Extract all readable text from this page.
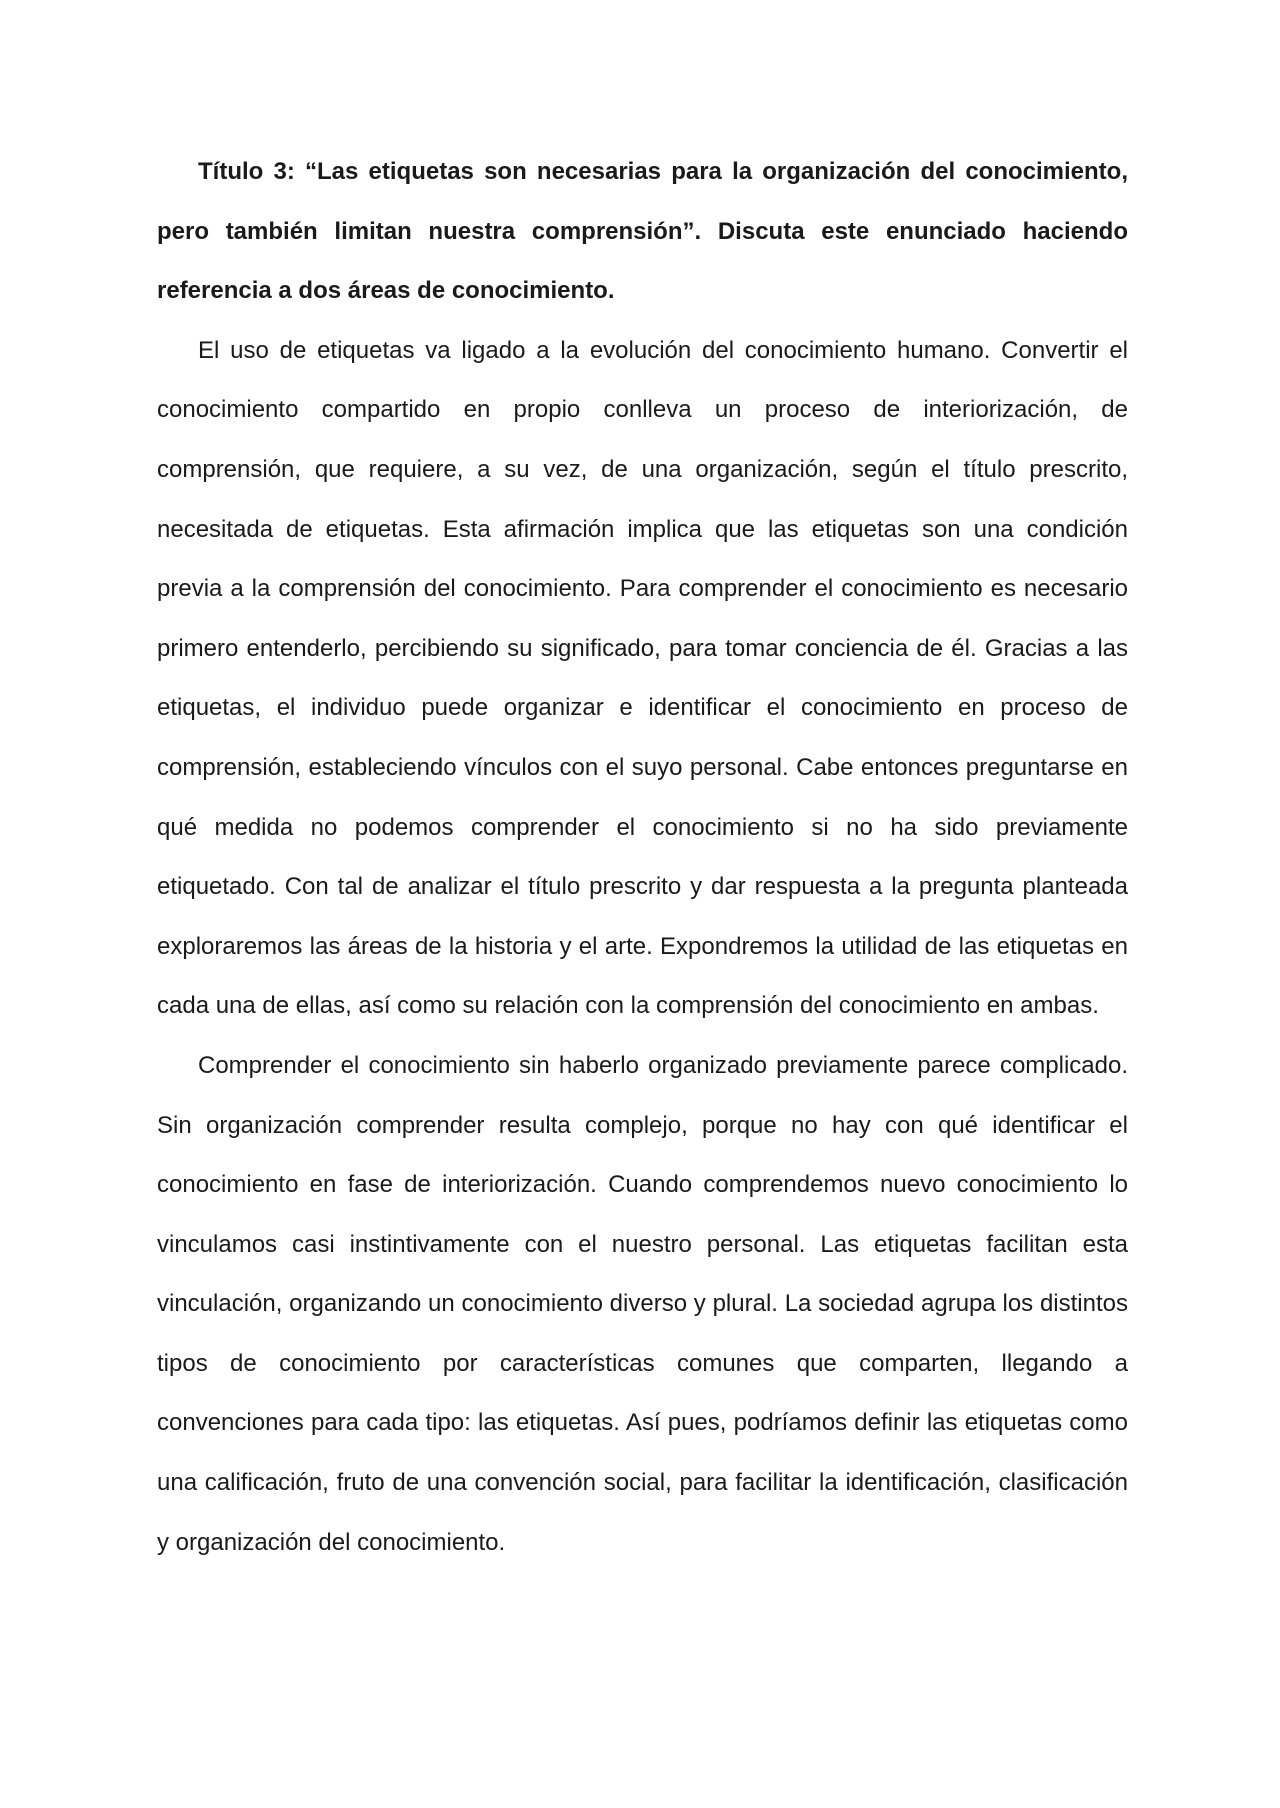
Título 3: “Las etiquetas son necesarias para la organización del conocimiento, pero también limitan nuestra comprensión”. Discuta este enunciado haciendo referencia a dos áreas de conocimiento.

El uso de etiquetas va ligado a la evolución del conocimiento humano. Convertir el conocimiento compartido en propio conlleva un proceso de interiorización, de comprensión, que requiere, a su vez, de una organización, según el título prescrito, necesitada de etiquetas. Esta afirmación implica que las etiquetas son una condición previa a la comprensión del conocimiento. Para comprender el conocimiento es necesario primero entenderlo, percibiendo su significado, para tomar conciencia de él. Gracias a las etiquetas, el individuo puede organizar e identificar el conocimiento en proceso de comprensión, estableciendo vínculos con el suyo personal. Cabe entonces preguntarse en qué medida no podemos comprender el conocimiento si no ha sido previamente etiquetado. Con tal de analizar el título prescrito y dar respuesta a la pregunta planteada exploraremos las áreas de la historia y el arte. Expondremos la utilidad de las etiquetas en cada una de ellas, así como su relación con la comprensión del conocimiento en ambas.

Comprender el conocimiento sin haberlo organizado previamente parece complicado. Sin organización comprender resulta complejo, porque no hay con qué identificar el conocimiento en fase de interiorización. Cuando comprendemos nuevo conocimiento lo vinculamos casi instintivamente con el nuestro personal. Las etiquetas facilitan esta vinculación, organizando un conocimiento diverso y plural. La sociedad agrupa los distintos tipos de conocimiento por características comunes que comparten, llegando a convenciones para cada tipo: las etiquetas. Así pues, podríamos definir las etiquetas como una calificación, fruto de una convención social, para facilitar la identificación, clasificación y organización del conocimiento.
